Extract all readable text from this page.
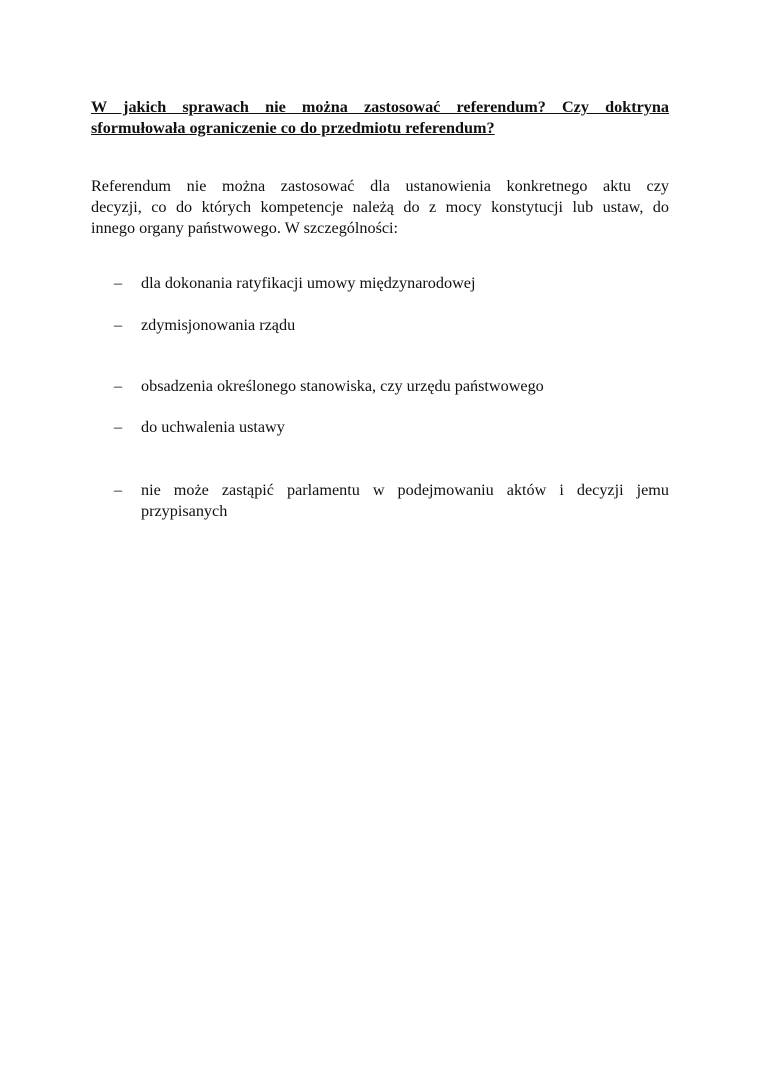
W jakich sprawach nie można zastosować referendum? Czy doktryna
sformułowała ograniczenie co do przedmiotu referendum?

Referendum nie można zastosować dla ustanowienia konkretnego aktu czy
decyzji, co do których kompetencje należą do z mocy konstytucji lub ustaw, do
innego organy państwowego. W szczególności:

– dla dokonania ratyfikacji umowy międzynarodowej
– zdymisjonowania rządu
– obsadzenia określonego stanowiska, czy urzędu państwowego
– do uchwalenia ustawy
– nie może zastąpić parlamentu w podejmowaniu aktów i decyzji jemu
przypisanych
